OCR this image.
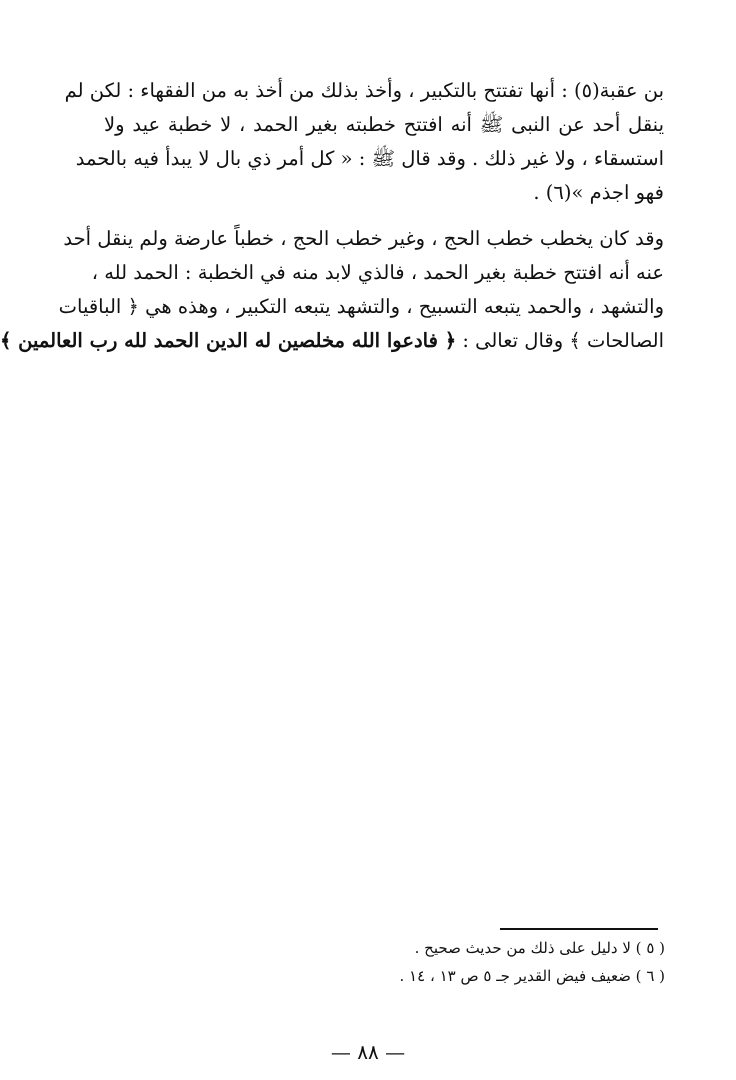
بن عقبة(٥) : أنها تفتتح بالتكبير ، وأخذ بذلك من أخذ به من الفقهاء : لكن لم
ينقل أحد عن النبى ﷺ أنه افتتح خطبته بغير الحمد ، لا خطبة عيد ولا
استسقاء ، ولا غير ذلك . وقد قال ﷺ : « كل أمر ذي بال لا يبدأ فيه بالحمد
فهو اجذم »(٦) .

وقد كان يخطب خطب الحج ، وغير خطب الحج ، خطباً عارضة ولم ينقل أحد
عنه أنه افتتح خطبة بغير الحمد ، فالذي لابد منه في الخطبة : الحمد لله ،
والتشهد ، والحمد يتبعه التسبيح ، والتشهد يتبعه التكبير ، وهذه هي ﴿ الباقيات
الصالحات ﴾ وقال تعالى : ﴿ فادعوا الله مخلصين له الدين الحمد لله رب العالمين ﴾

( ٥ ) لا دليل على ذلك من حديث صحيح .
( ٦ ) ضعيف فيض القدير جـ ٥ ص ١٣ ، ١٤ .
— ٨٨ —
